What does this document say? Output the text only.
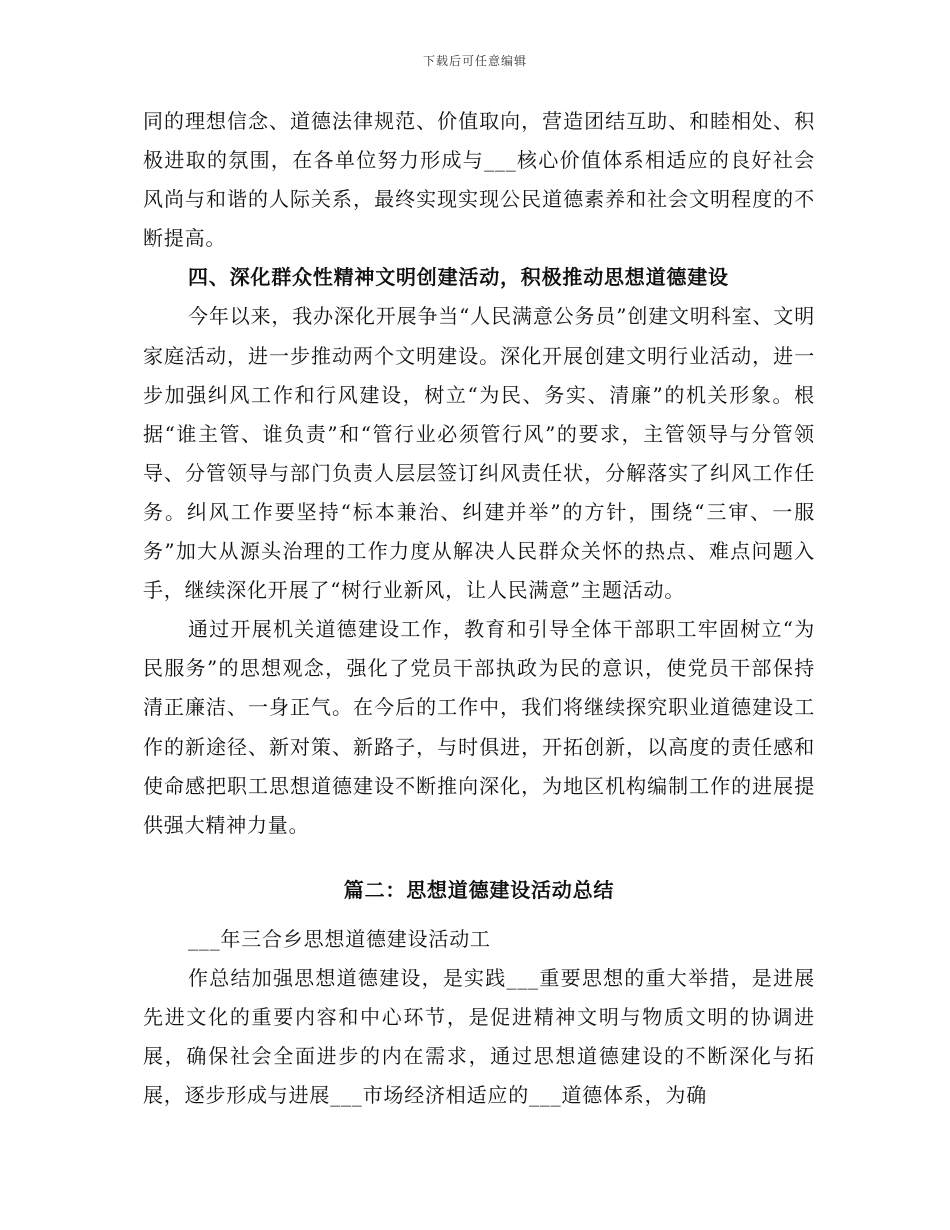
下载后可任意编辑

同的理想信念、道德法律规范、价值取向，营造团结互助、和睦相处、积极进取的氛围，在各单位努力形成与___核心价值体系相适应的良好社会风尚与和谐的人际关系，最终实现实现公民道德素养和社会文明程度的不断提高。

四、深化群众性精神文明创建活动，积极推动思想道德建设

今年以来，我办深化开展争当“人民满意公务员”创建文明科室、文明家庭活动，进一步推动两个文明建设。深化开展创建文明行业活动，进一步加强纠风工作和行风建设，树立“为民、务实、清廉”的机关形象。根据“谁主管、谁负责”和“管行业必须管行风”的要求，主管领导与分管领导、分管领导与部门负责人层层签订纠风责任状，分解落实了纠风工作任务。纠风工作要坚持“标本兼治、纠建并举”的方针，围绕“三审、一服务”加大从源头治理的工作力度从解决人民群众关怀的热点、难点问题入手，继续深化开展了“树行业新风，让人民满意”主题活动。

通过开展机关道德建设工作，教育和引导全体干部职工牢固树立“为民服务”的思想观念，强化了党员干部执政为民的意识，使党员干部保持清正廉洁、一身正气。在今后的工作中，我们将继续探究职业道德建设工作的新途径、新对策、新路子，与时俱进，开拓创新，以高度的责任感和使命感把职工思想道德建设不断推向深化，为地区机构编制工作的进展提供强大精神力量。

篇二：思想道德建设活动总结

___年三合乡思想道德建设活动工

作总结加强思想道德建设，是实践___重要思想的重大举措，是进展先进文化的重要内容和中心环节，是促进精神文明与物质文明的协调进展，确保社会全面进步的内在需求，通过思想道德建设的不断深化与拓展，逐步形成与进展___市场经济相适应的___道德体系，为确
